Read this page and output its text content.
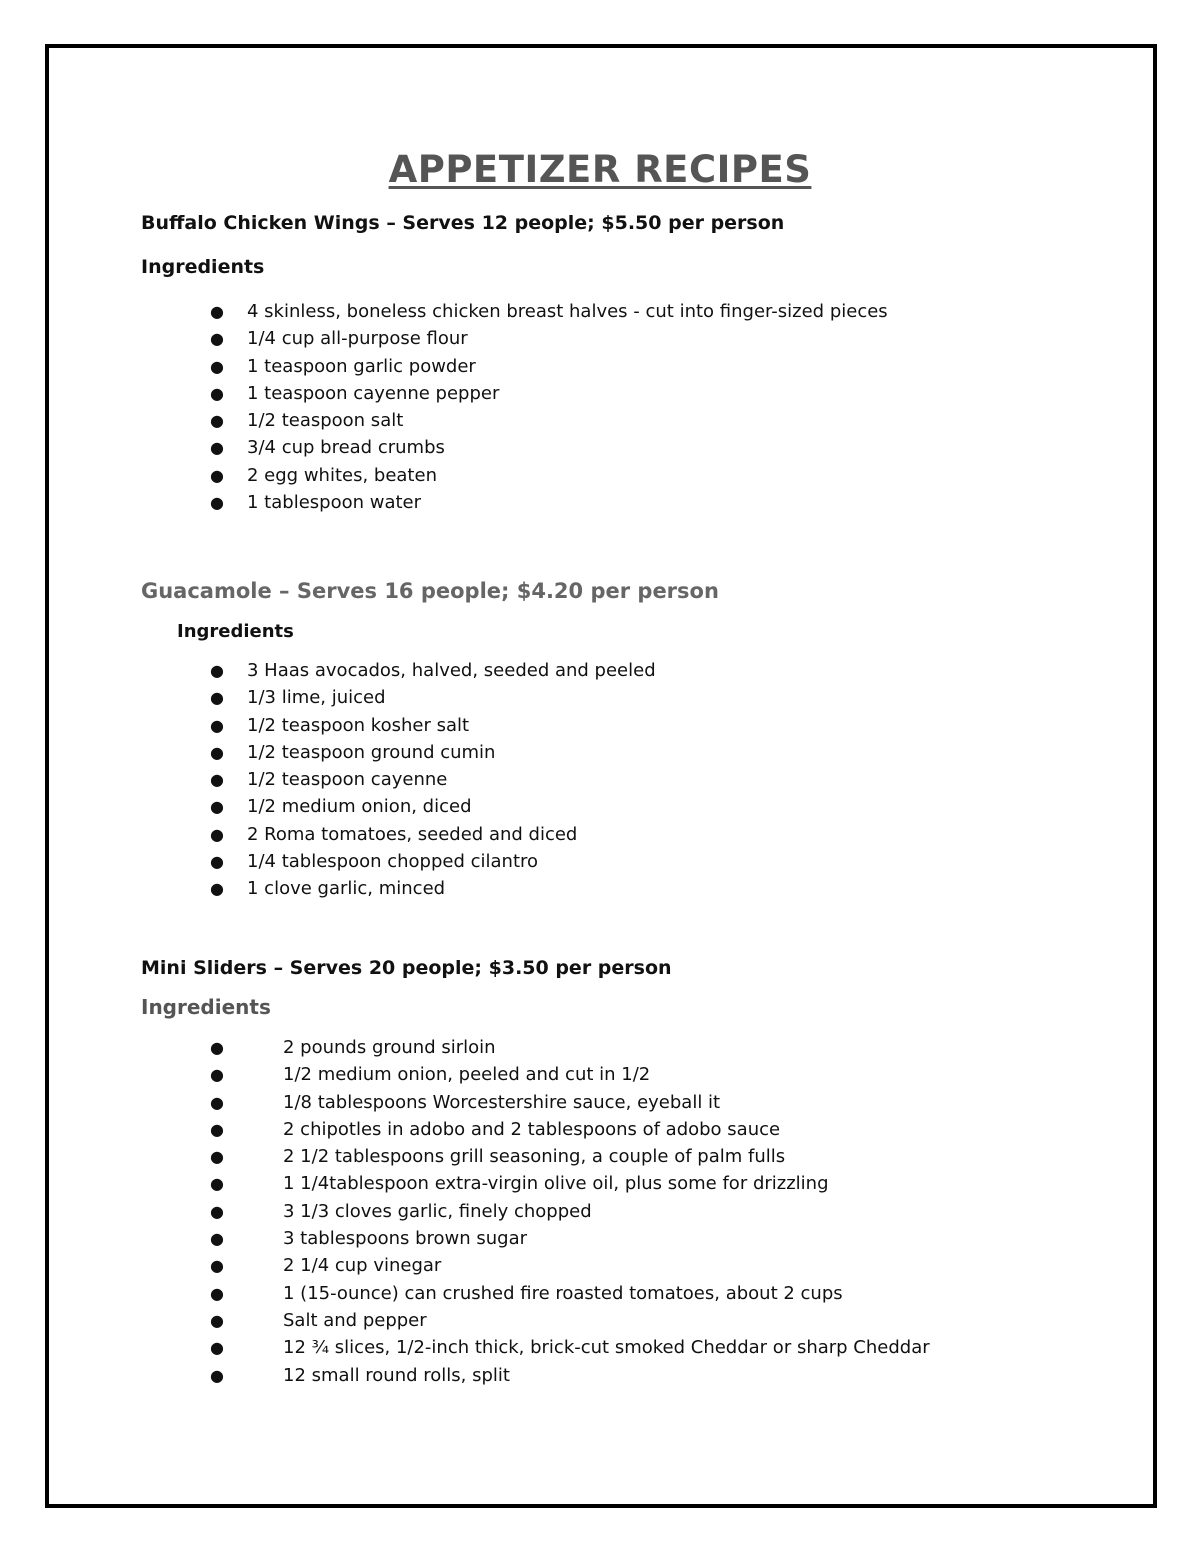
APPETIZER RECIPES
Buffalo Chicken Wings – Serves 12 people; $5.50 per person
Ingredients
● 4 skinless, boneless chicken breast halves - cut into finger-sized pieces
● 1/4 cup all-purpose flour
● 1 teaspoon garlic powder
● 1 teaspoon cayenne pepper
● 1/2 teaspoon salt
● 3/4 cup bread crumbs
● 2 egg whites, beaten
● 1 tablespoon water
Guacamole – Serves 16 people; $4.20 per person
Ingredients
● 3 Haas avocados, halved, seeded and peeled
● 1/3 lime, juiced
● 1/2 teaspoon kosher salt
● 1/2 teaspoon ground cumin
● 1/2 teaspoon cayenne
● 1/2 medium onion, diced
● 2 Roma tomatoes, seeded and diced
● 1/4 tablespoon chopped cilantro
● 1 clove garlic, minced
Mini Sliders – Serves 20 people; $3.50 per person
Ingredients
●	2 pounds ground sirloin
●	1/2 medium onion, peeled and cut in 1/2
●	1/8 tablespoons Worcestershire sauce, eyeball it
●	2 chipotles in adobo and 2 tablespoons of adobo sauce
●	2 1/2 tablespoons grill seasoning, a couple of palm fulls
●	1 1/4tablespoon extra-virgin olive oil, plus some for drizzling
●	3 1/3 cloves garlic, finely chopped
●	3 tablespoons brown sugar
●	2 1/4 cup vinegar
●	1 (15-ounce) can crushed fire roasted tomatoes, about 2 cups
●	Salt and pepper
●	12 ¾ slices, 1/2-inch thick, brick-cut smoked Cheddar or sharp Cheddar
●	12 small round rolls, split
